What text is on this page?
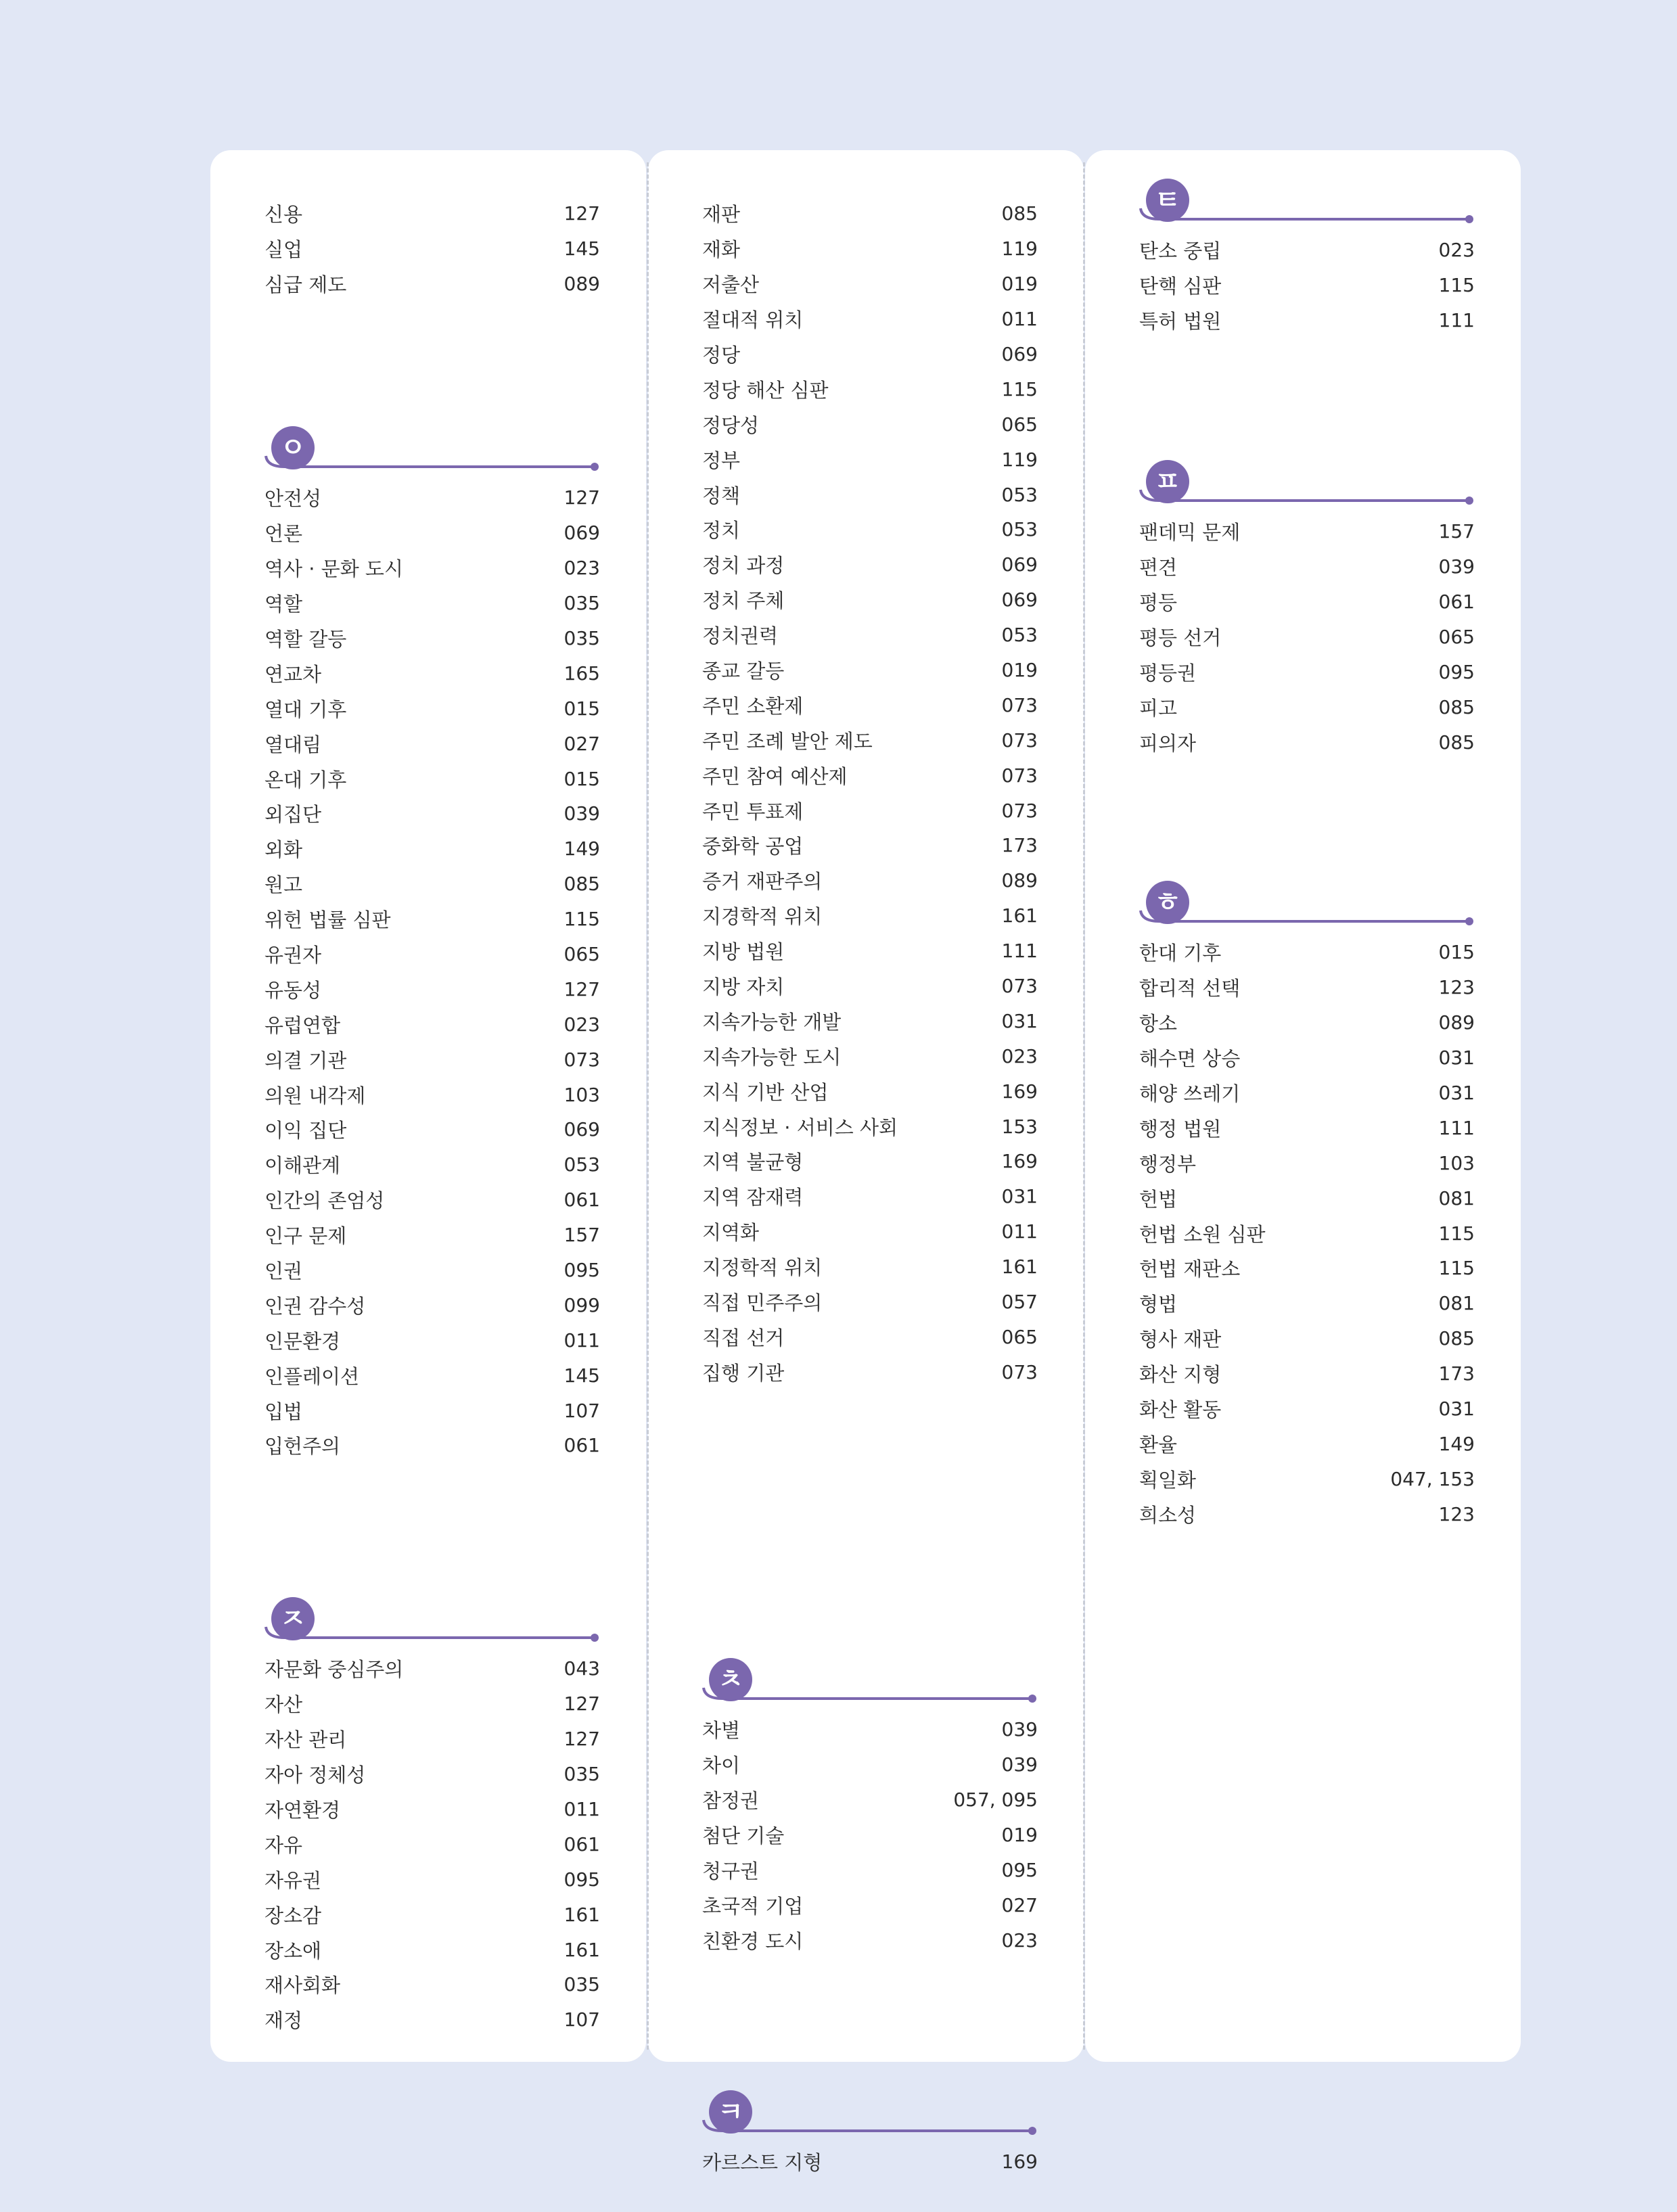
신용	127
실업	145
심급 제도	089
ㅇ
안전성	127
언론	069
역사 · 문화 도시	023
역할	035
역할 갈등	035
연교차	165
열대 기후	015
열대림	027
온대 기후	015
외집단	039
외화	149
원고	085
위헌 법률 심판	115
유권자	065
유동성	127
유럽연합	023
의결 기관	073
의원 내각제	103
이익 집단	069
이해관계	053
인간의 존엄성	061
인구 문제	157
인권	095
인권 감수성	099
인문환경	011
인플레이션	145
입법	107
입헌주의	061
ㅈ
자문화 중심주의	043
자산	127
자산 관리	127
자아 정체성	035
자연환경	011
자유	061
자유권	095
장소감	161
장소애	161
재사회화	035
재정	107
재판	085
재화	119
저출산	019
절대적 위치	011
정당	069
정당 해산 심판	115
정당성	065
정부	119
정책	053
정치	053
정치 과정	069
정치 주체	069
정치권력	053
종교 갈등	019
주민 소환제	073
주민 조례 발안 제도	073
주민 참여 예산제	073
주민 투표제	073
중화학 공업	173
증거 재판주의	089
지경학적 위치	161
지방 법원	111
지방 자치	073
지속가능한 개발	031
지속가능한 도시	023
지식 기반 산업	169
지식정보 · 서비스 사회	153
지역 불균형	169
지역 잠재력	031
지역화	011
지정학적 위치	161
직접 민주주의	057
직접 선거	065
집행 기관	073
ㅊ
차별	039
차이	039
참정권	057, 095
첨단 기술	019
청구권	095
초국적 기업	027
친환경 도시	023
ㅋ
카르스트 지형	169
ㅌ
탄소 중립	023
탄핵 심판	115
특허 법원	111
ㅍ
팬데믹 문제	157
편견	039
평등	061
평등 선거	065
평등권	095
피고	085
피의자	085
ㅎ
한대 기후	015
합리적 선택	123
항소	089
해수면 상승	031
해양 쓰레기	031
행정 법원	111
행정부	103
헌법	081
헌법 소원 심판	115
헌법 재판소	115
형법	081
형사 재판	085
화산 지형	173
화산 활동	031
환율	149
획일화	047, 153
희소성	123
